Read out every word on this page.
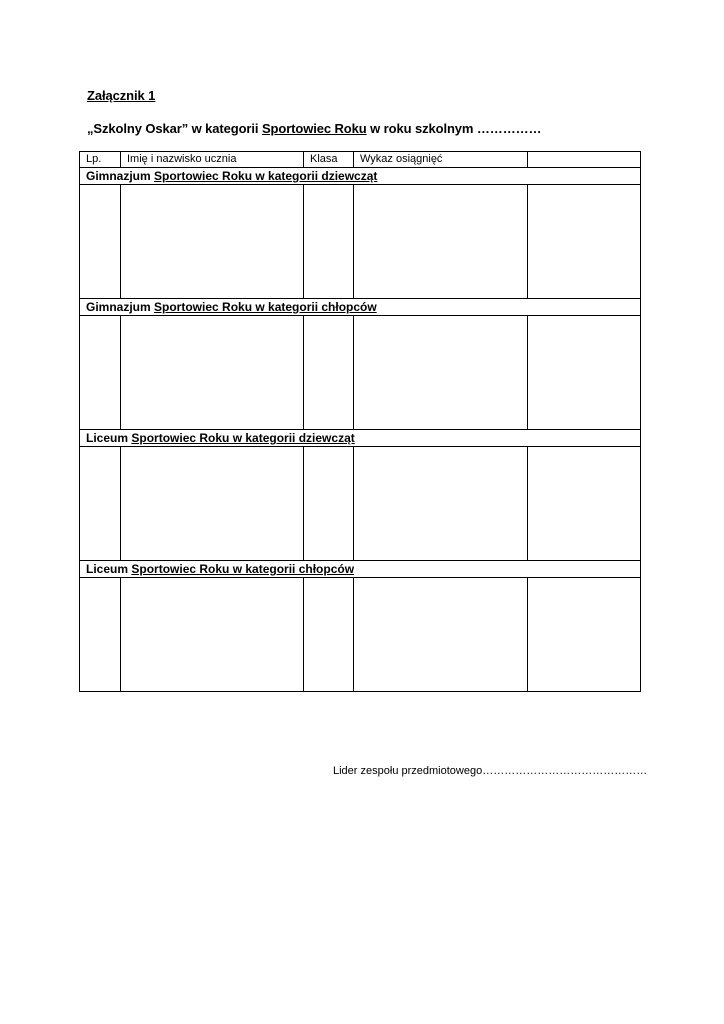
Załącznik 1
„Szkolny Oskar” w kategorii Sportowiec Roku w roku szkolnym ……………
Lp.	Imię i nazwisko ucznia	Klasa	Wykaz osiągnięć	
Gimnazjum Sportowiec Roku w kategorii dziewcząt				

Gimnazjum Sportowiec Roku w kategorii chłopców				

Liceum Sportowiec Roku w kategorii dziewcząt				

Liceum Sportowiec Roku w kategorii chłopców				

Lider zespołu przedmiotowego………………………………………
